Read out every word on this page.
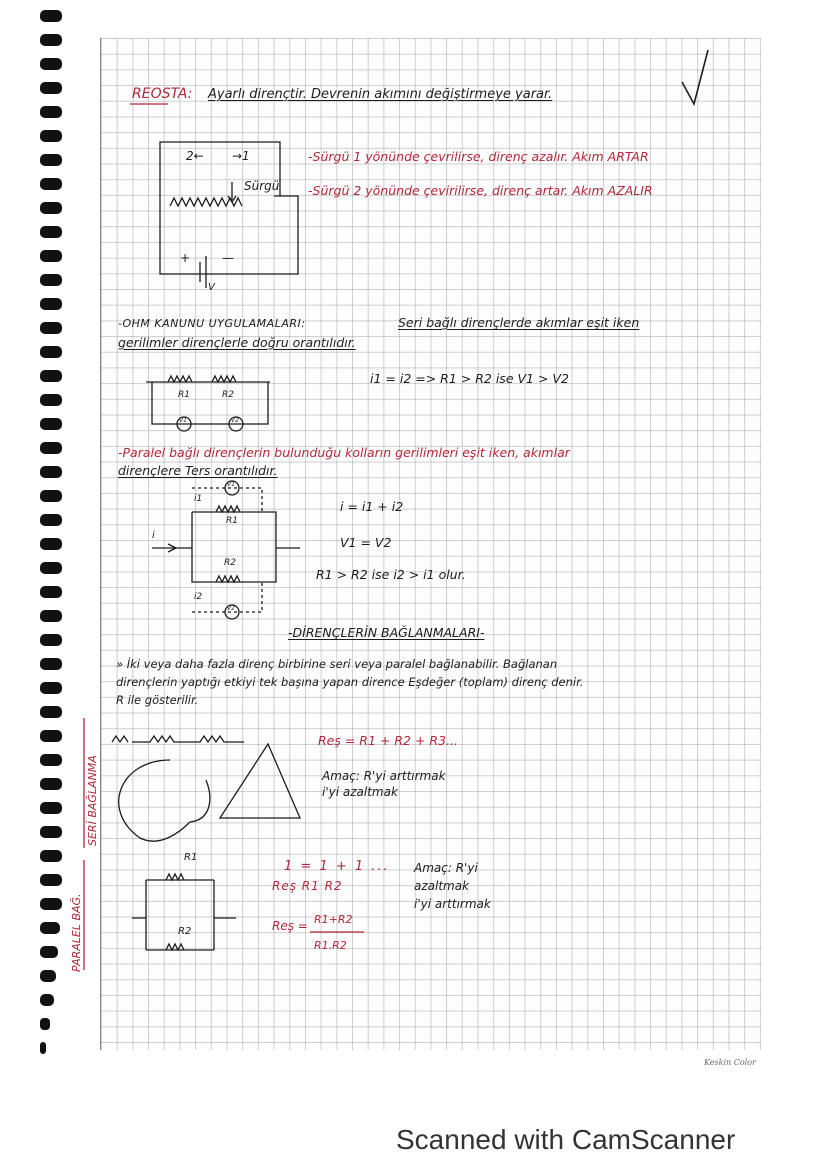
REOSTA: Ayarlı dirençtir. Devrenin akımını değiştirmeye yarar.
2← →1
Sürgü
+	—
V
-Sürgü 1 yönünde çevrilirse, direnç azalır. Akım ARTAR
-Sürgü 2 yönünde çevirilirse, direnç artar. Akım AZALIR
-OHM KANUNU UYGULAMALARI:	Seri bağlı dirençlerde akımlar eşit iken
gerilimler dirençlerle doğru orantılıdır.
R1	R2
V1	V2
i1 = i2 => R1 > R2 ise V1 > V2
-Paralel bağlı dirençlerin bulunduğu kolların gerilimleri eşit iken, akımlar
dirençlere Ters orantılıdır.
i
i1
i2
R1
R2
V1
V2
i = i1 + i2
V1 = V2
R1 > R2 ise i2 > i1 olur.
-DİRENÇLERİN BAĞLANMALARI-
» İki veya daha fazla direnç birbirine seri veya paralel bağlanabilir. Bağlanan
dirençlerin yaptığı etkiyi tek başına yapan dirence Eşdeğer (toplam) direnç denir.
R ile gösterilir.
SERİ BAĞLANMA
PARALEL BAĞ.
Reş = R1 + R2 + R3...
Amaç: R'yi arttırmak
i'yi azaltmak
R1
R2
1 = 1 + 1 ...
Reş R1 R2
Reş = R1+R2
R1.R2
Amaç: R'yi
azaltmak
i'yi arttırmak
Keskin Color
Scanned with CamScanner
